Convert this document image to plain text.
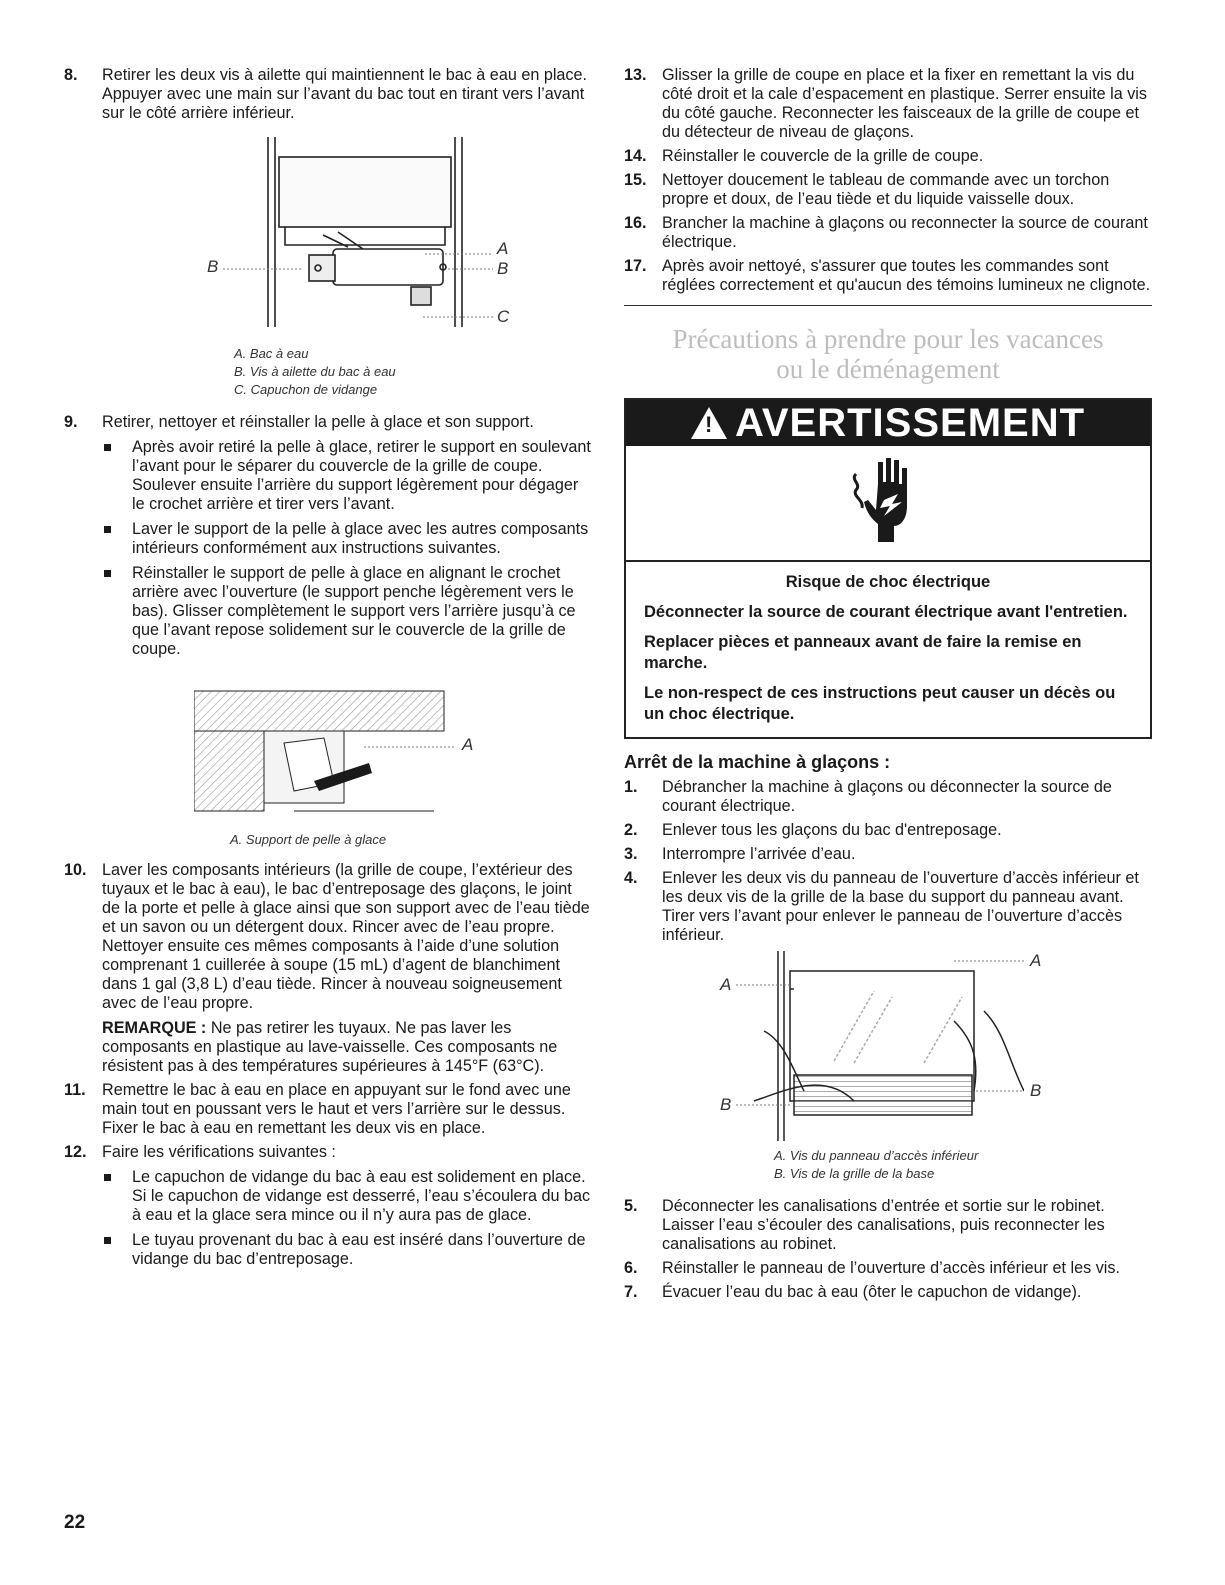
8. Retirer les deux vis à ailette qui maintiennent le bac à eau en place. Appuyer avec une main sur l’avant du bac tout en tirant vers l’avant sur le côté arrière inférieur.
B
A
B
C
A. Bac à eau
B. Vis à ailette du bac à eau
C. Capuchon de vidange
9. Retirer, nettoyer et réinstaller la pelle à glace et son support.
Après avoir retiré la pelle à glace, retirer le support en soulevant l’avant pour le séparer du couvercle de la grille de coupe. Soulever ensuite l’arrière du support légèrement pour dégager le crochet arrière et tirer vers l’avant.
Laver le support de la pelle à glace avec les autres composants intérieurs conformément aux instructions suivantes.
Réinstaller le support de pelle à glace en alignant le crochet arrière avec l’ouverture (le support penche légèrement vers le bas). Glisser complètement le support vers l’arrière jusqu’à ce que l’avant repose solidement sur le couvercle de la grille de coupe.
A
A. Support de pelle à glace
10. Laver les composants intérieurs (la grille de coupe, l’extérieur des tuyaux et le bac à eau), le bac d’entreposage des glaçons, le joint de la porte et pelle à glace ainsi que son support avec de l’eau tiède et un savon ou un détergent doux. Rincer avec de l’eau propre. Nettoyer ensuite ces mêmes composants à l’aide d’une solution comprenant 1 cuillerée à soupe (15 mL) d’agent de blanchiment dans 1 gal (3,8 L) d’eau tiède. Rincer à nouveau soigneusement avec de l’eau propre.
REMARQUE : Ne pas retirer les tuyaux. Ne pas laver les composants en plastique au lave-vaisselle. Ces composants ne résistent pas à des températures supérieures à 145°F (63°C).
11. Remettre le bac à eau en place en appuyant sur le fond avec une main tout en poussant vers le haut et vers l’arrière sur le dessus. Fixer le bac à eau en remettant les deux vis en place.
12. Faire les vérifications suivantes :
Le capuchon de vidange du bac à eau est solidement en place. Si le capuchon de vidange est desserré, l’eau s’écoulera du bac à eau et la glace sera mince ou il n’y aura pas de glace.
Le tuyau provenant du bac à eau est inséré dans l’ouverture de vidange du bac d’entreposage.
13. Glisser la grille de coupe en place et la fixer en remettant la vis du côté droit et la cale d’espacement en plastique. Serrer ensuite la vis du côté gauche. Reconnecter les faisceaux de la grille de coupe et du détecteur de niveau de glaçons.
14. Réinstaller le couvercle de la grille de coupe.
15. Nettoyer doucement le tableau de commande avec un torchon propre et doux, de l’eau tiède et du liquide vaisselle doux.
16. Brancher la machine à glaçons ou reconnecter la source de courant électrique.
17. Après avoir nettoyé, s'assurer que toutes les commandes sont réglées correctement et qu'aucun des témoins lumineux ne clignote.
Précautions à prendre pour les vacances
ou le déménagement
! AVERTISSEMENT

Risque de choc électrique

Déconnecter la source de courant électrique avant l'entretien.

Replacer pièces et panneaux avant de faire la remise en marche.

Le non-respect de ces instructions peut causer un décès ou un choc électrique.

Arrêt de la machine à glaçons :
1. Débrancher la machine à glaçons ou déconnecter la source de courant électrique.
2. Enlever tous les glaçons du bac d'entreposage.
3. Interrompre l’arrivée d’eau.
4. Enlever les deux vis du panneau de l’ouverture d’accès inférieur et les deux vis de la grille de la base du support du panneau avant. Tirer vers l’avant pour enlever le panneau de l’ouverture d’accès inférieur.
A
A
B
B
A. Vis du panneau d’accès inférieur
B. Vis de la grille de la base
5. Déconnecter les canalisations d’entrée et sortie sur le robinet. Laisser l’eau s’écouler des canalisations, puis reconnecter les canalisations au robinet.
6. Réinstaller le panneau de l’ouverture d’accès inférieur et les vis.
7. Évacuer l’eau du bac à eau (ôter le capuchon de vidange).
22
